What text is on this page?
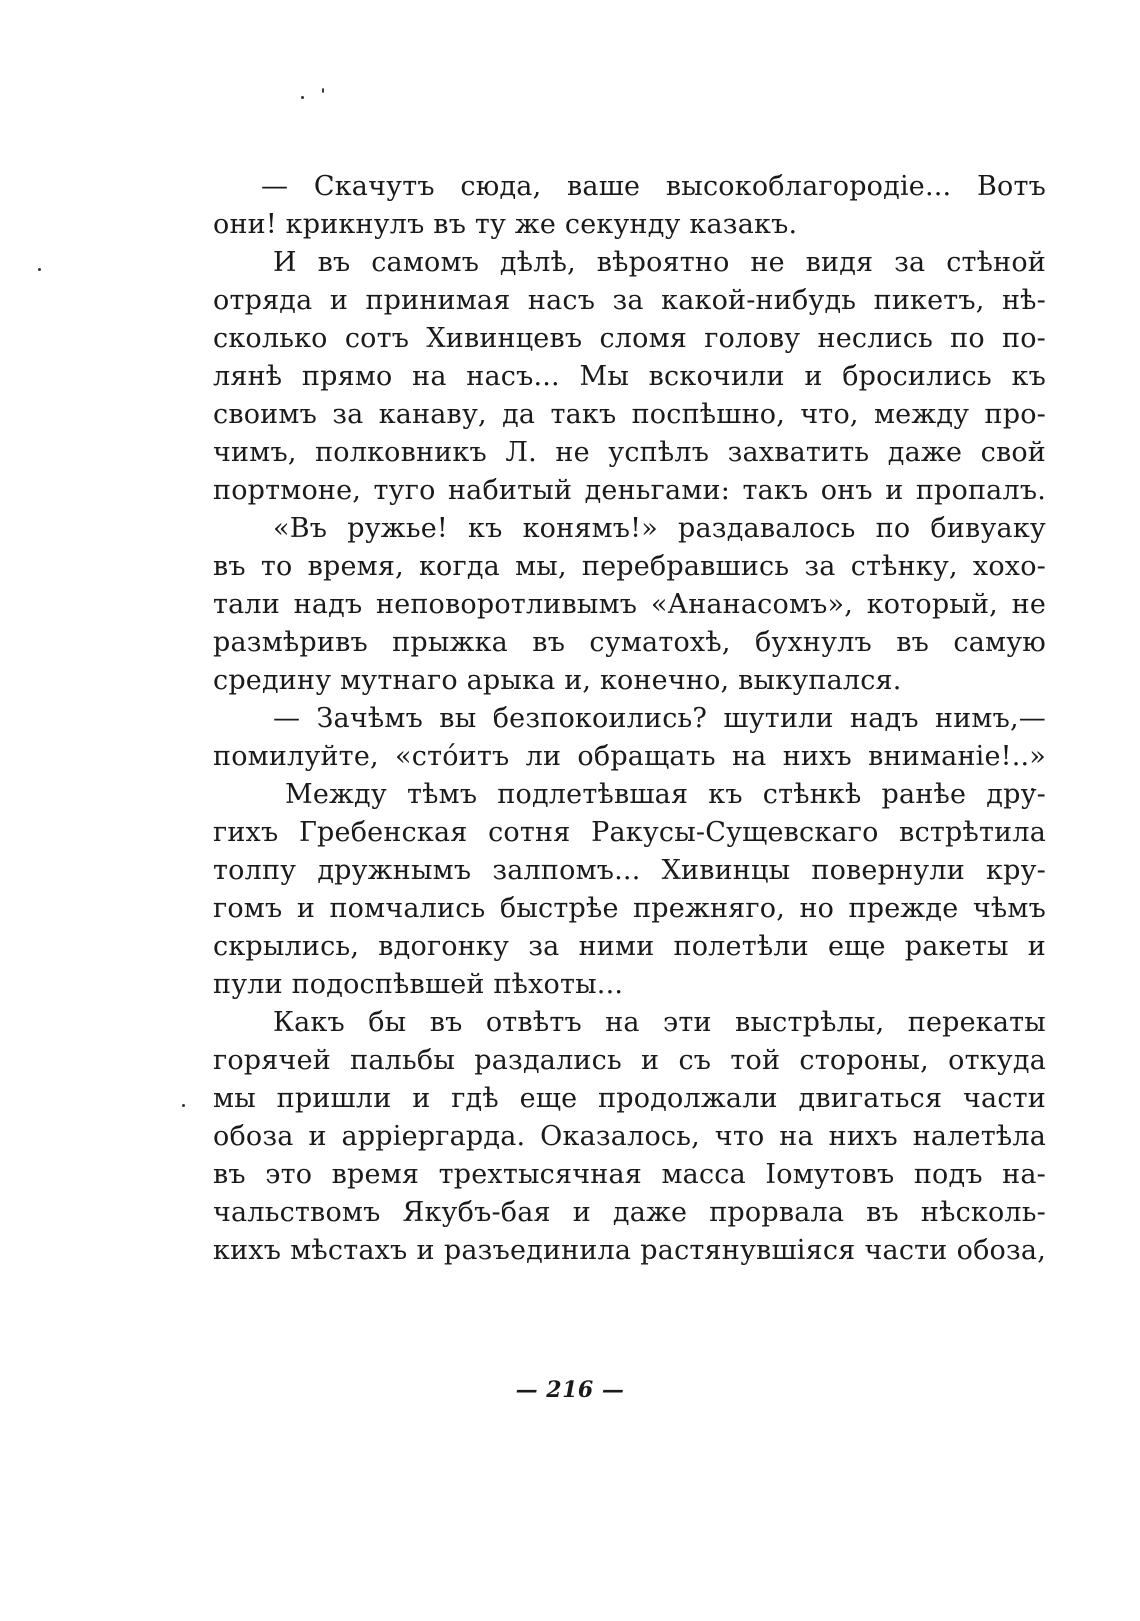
— Скачутъ сюда, ваше высокоблагородіе... Вотъ
они! крикнулъ въ ту же секунду казакъ.
И въ самомъ дѣлѣ, вѣроятно не видя за стѣной
отряда и принимая насъ за какой-нибудь пикетъ, нѣ-
сколько сотъ Хивинцевъ сломя голову неслись по по-
лянѣ прямо на насъ... Мы вскочили и бросились къ
своимъ за канаву, да такъ поспѣшно, что, между про-
чимъ, полковникъ Л. не успѣлъ захватить даже свой
портмоне, туго набитый деньгами: такъ онъ и пропалъ.
«Въ ружье! къ конямъ!» раздавалось по бивуаку
въ то время, когда мы, перебравшись за стѣнку, хохо-
тали надъ неповоротливымъ «Ананасомъ», который, не
размѣривъ прыжка въ суматохѣ, бухнулъ въ самую
средину мутнаго арыка и, конечно, выкупался.
— Зачѣмъ вы безпокоились? шутили надъ нимъ,—
помилуйте, «стóитъ ли обращать на нихъ вниманіе!..»
Между тѣмъ подлетѣвшая къ стѣнкѣ ранѣе дру-
гихъ Гребенская сотня Ракусы-Сущевскаго встрѣтила
толпу дружнымъ залпомъ... Хивинцы повернули кру-
гомъ и помчались быстрѣе прежняго, но прежде чѣмъ
скрылись, вдогонку за ними полетѣли еще ракеты и
пули подоспѣвшей пѣхоты...
Какъ бы въ отвѣтъ на эти выстрѣлы, перекаты
горячей пальбы раздались и съ той стороны, откуда
мы пришли и гдѣ еще продолжали двигаться части
обоза и арріергарда. Оказалось, что на нихъ налетѣла
въ это время трехтысячная масса Іомутовъ подъ на-
чальствомъ Якубъ-бая и даже прорвала въ нѣсколь-
кихъ мѣстахъ и разъединила растянувшіяся части обоза,
— 216 —
